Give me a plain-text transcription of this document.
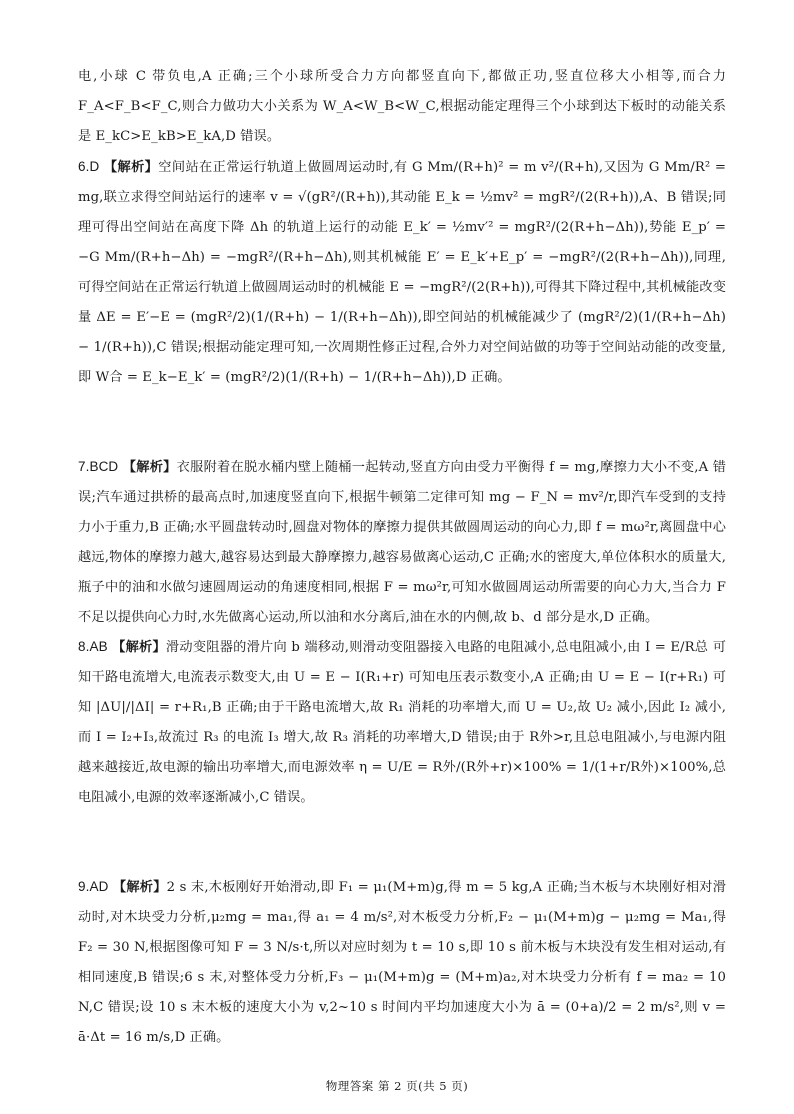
电,小球 C 带负电,A 正确;三个小球所受合力方向都竖直向下,都做正功,竖直位移大小相等,而合力 F_A<F_B<F_C,则合力做功大小关系为 W_A<W_B<W_C,根据动能定理得三个小球到达下板时的动能关系是 E_kC>E_kB>E_kA,D 错误。

6.D 【解析】空间站在正常运行轨道上做圆周运动时,有 G Mm/(R+h)² = m v²/(R+h),又因为 G Mm/R² = mg,联立求得空间站运行的速率 v = √(gR²/(R+h)),其动能 E_k = ½mv² = mgR²/(2(R+h)),A、B 错误;同理可得出空间站在高度下降 Δh 的轨道上运行的动能 E_k′ = ½mv′² = mgR²/(2(R+h−Δh)),势能 E_p′ = −G Mm/(R+h−Δh) = −mgR²/(R+h−Δh),则其机械能 E′ = E_k′+E_p′ = −mgR²/(2(R+h−Δh)),同理,可得空间站在正常运行轨道上做圆周运动时的机械能 E = −mgR²/(2(R+h)),可得其下降过程中,其机械能改变量 ΔE = E′−E = (mgR²/2)(1/(R+h) − 1/(R+h−Δh)),即空间站的机械能减少了 (mgR²/2)(1/(R+h−Δh) − 1/(R+h)),C 错误;根据动能定理可知,一次周期性修正过程,合外力对空间站做的功等于空间站动能的改变量,即 W合 = E_k−E_k′ = (mgR²/2)(1/(R+h) − 1/(R+h−Δh)),D 正确。

7.BCD 【解析】衣服附着在脱水桶内壁上随桶一起转动,竖直方向由受力平衡得 f = mg,摩擦力大小不变,A 错误;汽车通过拱桥的最高点时,加速度竖直向下,根据牛顿第二定律可知 mg − F_N = mv²/r,即汽车受到的支持力小于重力,B 正确;水平圆盘转动时,圆盘对物体的摩擦力提供其做圆周运动的向心力,即 f = mω²r,离圆盘中心越远,物体的摩擦力越大,越容易达到最大静摩擦力,越容易做离心运动,C 正确;水的密度大,单位体积水的质量大,瓶子中的油和水做匀速圆周运动的角速度相同,根据 F = mω²r,可知水做圆周运动所需要的向心力大,当合力 F 不足以提供向心力时,水先做离心运动,所以油和水分离后,油在水的内侧,故 b、d 部分是水,D 正确。

8.AB 【解析】滑动变阻器的滑片向 b 端移动,则滑动变阻器接入电路的电阻减小,总电阻减小,由 I = E/R总 可知干路电流增大,电流表示数变大,由 U = E − I(R₁+r) 可知电压表示数变小,A 正确;由 U = E − I(r+R₁) 可知 |ΔU|/|ΔI| = r+R₁,B 正确;由于干路电流增大,故 R₁ 消耗的功率增大,而 U = U₂,故 U₂ 减小,因此 I₂ 减小,而 I = I₂+I₃,故流过 R₃ 的电流 I₃ 增大,故 R₃ 消耗的功率增大,D 错误;由于 R外>r,且总电阻减小,与电源内阻越来越接近,故电源的输出功率增大,而电源效率 η = U/E = R外/(R外+r)×100% = 1/(1+r/R外)×100%,总电阻减小,电源的效率逐渐减小,C 错误。

9.AD 【解析】2 s 末,木板刚好开始滑动,即 F₁ = μ₁(M+m)g,得 m = 5 kg,A 正确;当木板与木块刚好相对滑动时,对木块受力分析,μ₂mg = ma₁,得 a₁ = 4 m/s²,对木板受力分析,F₂ − μ₁(M+m)g − μ₂mg = Ma₁,得 F₂ = 30 N,根据图像可知 F = 3 N/s·t,所以对应时刻为 t = 10 s,即 10 s 前木板与木块没有发生相对运动,有相同速度,B 错误;6 s 末,对整体受力分析,F₃ − μ₁(M+m)g = (M+m)a₂,对木块受力分析有 f = ma₂ = 10 N,C 错误;设 10 s 末木板的速度大小为 v,2~10 s 时间内平均加速度大小为 ā = (0+a)/2 = 2 m/s²,则 v = ā·Δt = 16 m/s,D 正确。

物理答案 第 2 页(共 5 页)
